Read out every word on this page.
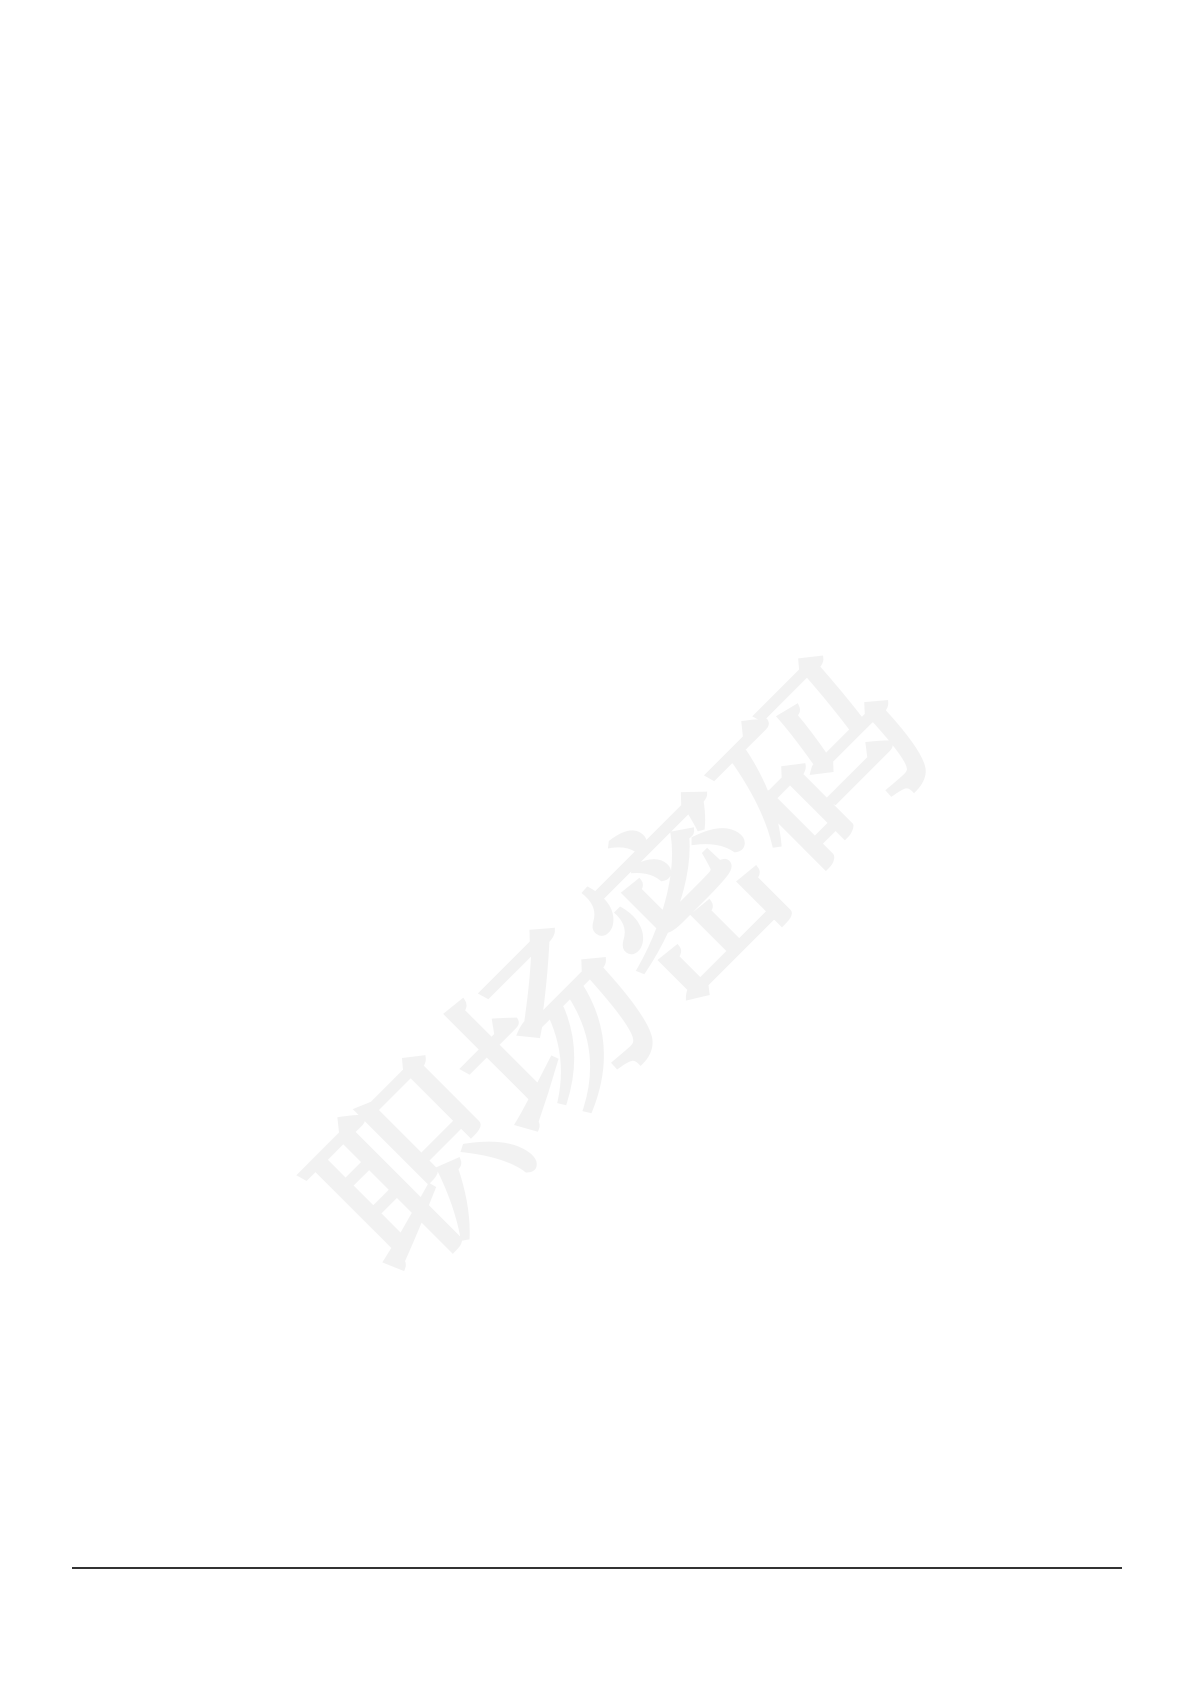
职场密码
